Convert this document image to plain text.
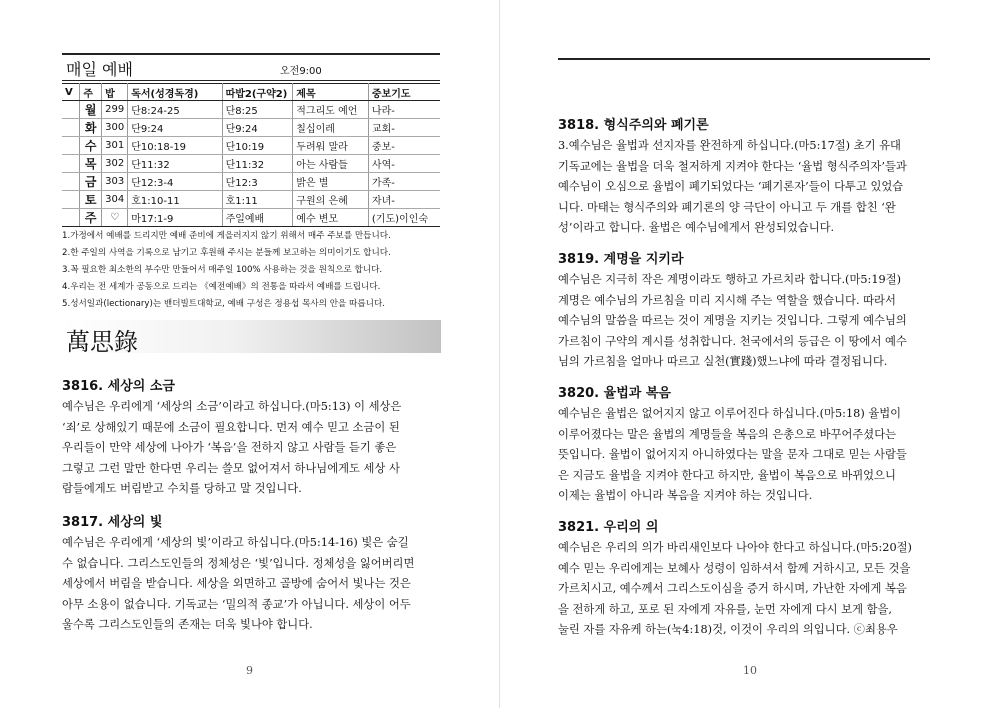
매일 예배	오전9:00
V	주	밥	독서(성경독경)	따밥2(구약2)	제목	중보기도
	월	299	단8:24-25	단8:25	적그리도 예언	나라-
	화	300	단9:24	단9:24	칠십이레	교회-
	수	301	단10:18-19	단10:19	두려워 말라	중보-
	목	302	단11:32	단11:32	아는 사람들	사역-
	금	303	단12:3-4	단12:3	밝은 별	가족-
	토	304	호1:10-11	호1:11	구원의 은혜	자녀-
	주	♡	마17:1-9	주일예배	예수 변모	(기도)이인숙
1.가정에서 예배를 드리지만 예배 준비에 게을러지지 않기 위해서 매주 주보를 만듭니다.
2.한 주일의 사역을 기록으로 남기고 후원해 주시는 분들께 보고하는 의미이기도 합니다.
3.꼭 필요한 최소한의 부수만 만들어서 매주일 100% 사용하는 것을 원칙으로 합니다.
4.우리는 전 세계가 공동으로 드리는 《예전예배》의 전통을 따라서 예배를 드립니다.
5.성서일과(lectionary)는 밴더빌트대학교, 예배 구성은 정용섭 목사의 안을 따릅니다.
萬思錄
3816. 세상의 소금
예수님은 우리에게 ‘세상의 소금’이라고 하십니다.(마5:13) 이 세상은
‘죄’로 상해있기 때문에 소금이 필요합니다. 먼저 예수 믿고 소금이 된
우리들이 만약 세상에 나아가 ‘복음’을 전하지 않고 사람들 듣기 좋은
그렇고 그런 말만 한다면 우리는 쓸모 없어져서 하나님에게도 세상 사
람들에게도 버림받고 수치를 당하고 말 것입니다.
3817. 세상의 빛
예수님은 우리에게 ‘세상의 빛’이라고 하십니다.(마5:14-16) 빛은 숨길
수 없습니다. 그리스도인들의 정체성은 ‘빛’입니다. 정체성을 잃어버리면
세상에서 버림을 받습니다. 세상을 외면하고 골방에 숨어서 빛나는 것은
아무 소용이 없습니다. 기독교는 ‘밀의적 종교’가 아닙니다. 세상이 어두
울수록 그리스도인들의 존재는 더욱 빛나야 합니다.
9
3818. 형식주의와 폐기론
3.예수님은 율법과 선지자를 완전하게 하십니다.(마5:17절) 초기 유대
기독교에는 율법을 더욱 철저하게 지켜야 한다는 ‘율법 형식주의자’들과
예수님이 오심으로 율법이 폐기되었다는 ‘폐기론자’들이 다투고 있었습
니다. 마태는 형식주의와 폐기론의 양 극단이 아니고 두 개를 합친 ‘완
성’이라고 합니다. 율법은 예수님에게서 완성되었습니다.
3819. 계명을 지키라
예수님은 지극히 작은 계명이라도 행하고 가르치라 합니다.(마5:19절)
계명은 예수님의 가르침을 미리 지시해 주는 역할을 했습니다. 따라서
예수님의 말씀을 따르는 것이 계명을 지키는 것입니다. 그렇게 예수님의
가르침이 구약의 계시를 성취합니다. 천국에서의 등급은 이 땅에서 예수
님의 가르침을 얼마나 따르고 실천(實踐)했느냐에 따라 결정됩니다.
3820. 율법과 복음
예수님은 율법은 없어지지 않고 이루어진다 하십니다.(마5:18) 율법이
이루어졌다는 말은 율법의 계명들을 복음의 은총으로 바꾸어주셨다는
뜻입니다. 율법이 없어지지 아니하였다는 말을 문자 그대로 믿는 사람들
은 지금도 율법을 지켜야 한다고 하지만, 율법이 복음으로 바뀌었으니
이제는 율법이 아니라 복음을 지켜야 하는 것입니다.
3821. 우리의 의
예수님은 우리의 의가 바리새인보다 나아야 한다고 하십니다.(마5:20절)
예수 믿는 우리에게는 보혜사 성령이 임하셔서 함께 거하시고, 모든 것을
가르치시고, 예수께서 그리스도이심을 증거 하시며, 가난한 자에게 복음
을 전하게 하고, 포로 된 자에게 자유를, 눈먼 자에게 다시 보게 함을,
눌린 자를 자유케 하는(눅4:18)것, 이것이 우리의 의입니다. ⓒ최용우
10
